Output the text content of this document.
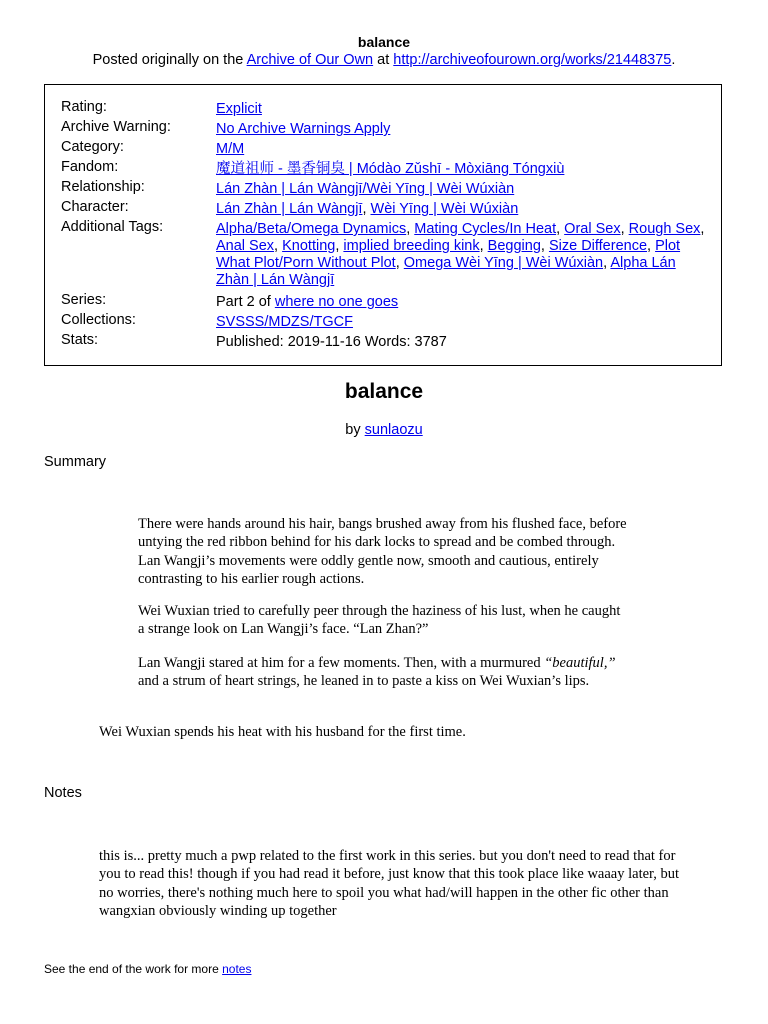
balance
Posted originally on the Archive of Our Own at http://archiveofourown.org/works/21448375.
Rating:	Explicit
Archive Warning:	No Archive Warnings Apply
Category:	M/M
Fandom:	魔道祖师 - 墨香铜臭 | Módào Zǔshī - Mòxiāng Tóngxiù
Relationship:	Lán Zhàn | Lán Wàngjī/Wèi Yīng | Wèi Wúxiàn
Character:	Lán Zhàn | Lán Wàngjī, Wèi Yīng | Wèi Wúxiàn
Additional Tags:	Alpha/Beta/Omega Dynamics, Mating Cycles/In Heat, Oral Sex, Rough Sex, Anal Sex, Knotting, implied breeding kink, Begging, Size Difference, Plot What Plot/Porn Without Plot, Omega Wèi Yīng | Wèi Wúxiàn, Alpha Lán Zhàn | Lán Wàngjī
Series:	Part 2 of where no one goes
Collections:	SVSSS/MDZS/TGCF
Stats:	Published: 2019-11-16 Words: 3787
balance
by sunlaozu
Summary
There were hands around his hair, bangs brushed away from his flushed face, before untying the red ribbon behind for his dark locks to spread and be combed through. Lan Wangji’s movements were oddly gentle now, smooth and cautious, entirely contrasting to his earlier rough actions.
Wei Wuxian tried to carefully peer through the haziness of his lust, when he caught a strange look on Lan Wangji’s face. “Lan Zhan?”
Lan Wangji stared at him for a few moments. Then, with a murmured “beautiful,” and a strum of heart strings, he leaned in to paste a kiss on Wei Wuxian’s lips.
Wei Wuxian spends his heat with his husband for the first time.
Notes
this is... pretty much a pwp related to the first work in this series. but you don't need to read that for you to read this! though if you had read it before, just know that this took place like waaay later, but no worries, there's nothing much here to spoil you what had/will happen in the other fic other than wangxian obviously winding up together
See the end of the work for more notes
